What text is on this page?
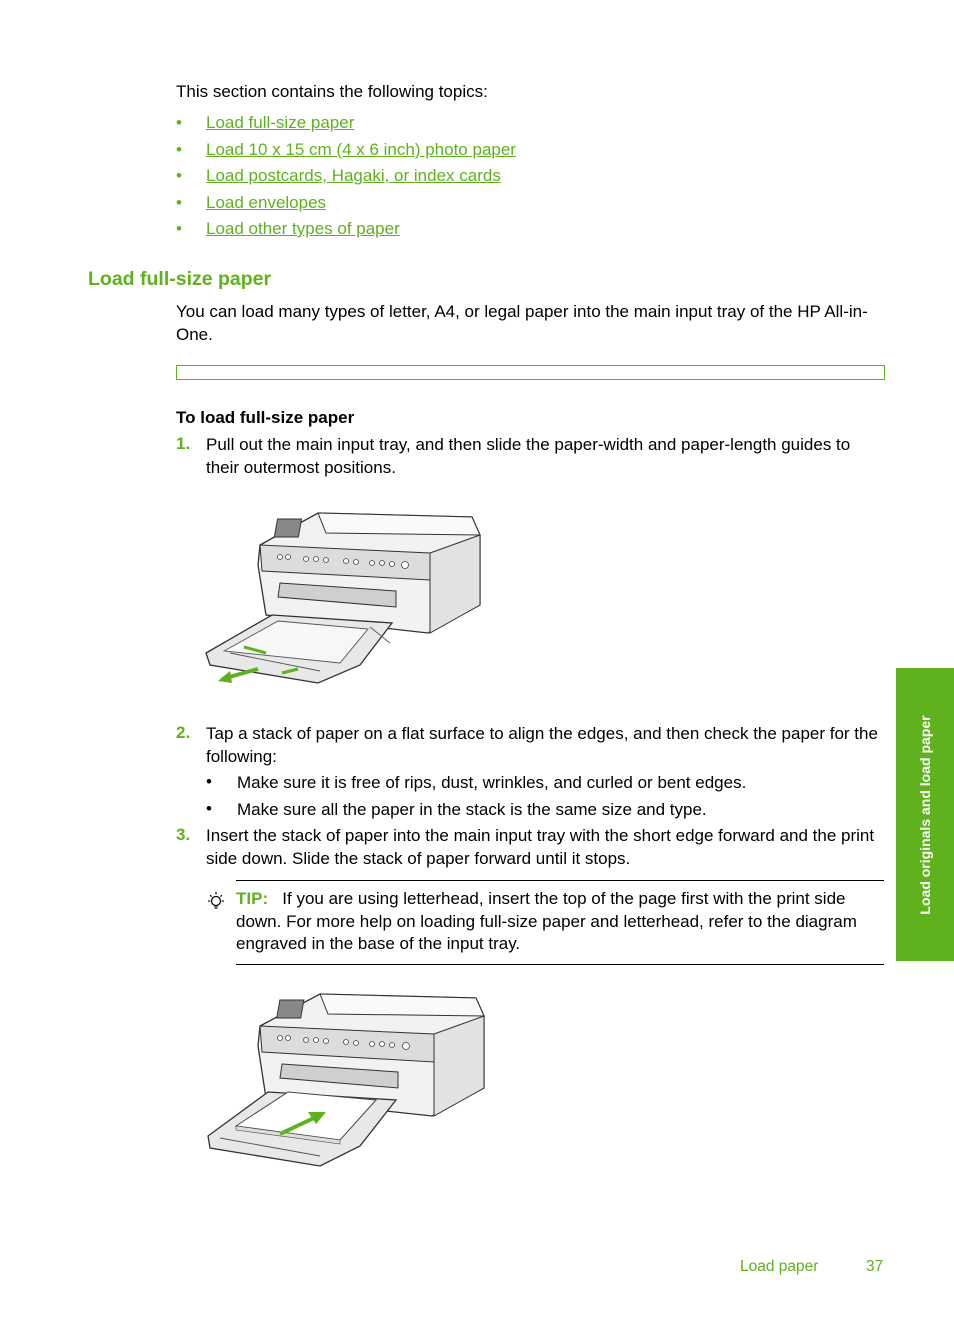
This section contains the following topics:
• Load full-size paper
• Load 10 x 15 cm (4 x 6 inch) photo paper
• Load postcards, Hagaki, or index cards
• Load envelopes
• Load other types of paper
Load full-size paper
You can load many types of letter, A4, or legal paper into the main input tray of the HP All-in-One.
To load full-size paper
1. Pull out the main input tray, and then slide the paper-width and paper-length guides to their outermost positions.
2. Tap a stack of paper on a flat surface to align the edges, and then check the paper for the following:
• Make sure it is free of rips, dust, wrinkles, and curled or bent edges.
• Make sure all the paper in the stack is the same size and type.
3. Insert the stack of paper into the main input tray with the short edge forward and the print side down. Slide the stack of paper forward until it stops.
TIP: If you are using letterhead, insert the top of the page first with the print side down. For more help on loading full-size paper and letterhead, refer to the diagram engraved in the base of the input tray.
Load originals and load paper
Load paper	37
